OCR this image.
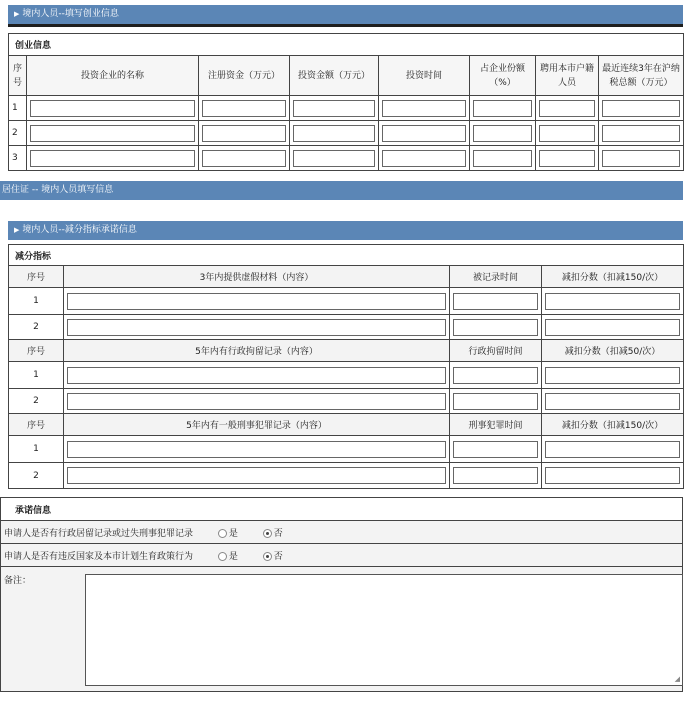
▶ 境内人员--填写创业信息
创业信息							
序号	投资企业的名称	注册资金（万元）	投资金额（万元）	投资时间	占企业份额（%）	聘用本市户籍人员	最近连续3年在沪纳税总额（万元）
1	

2	

3	

居住证 -- 境内人员填写信息
▶ 境内人员--减分指标承诺信息
减分指标			
序号	3年内提供虚假材料（内容）	被记录时间	减扣分数（扣减150/次）
1	

2	

序号	5年内有行政拘留记录（内容）	行政拘留时间	减扣分数（扣减50/次）
1	

2	

序号	5年内有一般刑事犯罪记录（内容）	刑事犯罪时间	减扣分数（扣减150/次）
1	

2	

承诺信息
申请人是否有行政居留记录或过失刑事犯罪记录	是	否
申请人是否有违反国家及本市计划生育政策行为	是	否
备注：
◢
